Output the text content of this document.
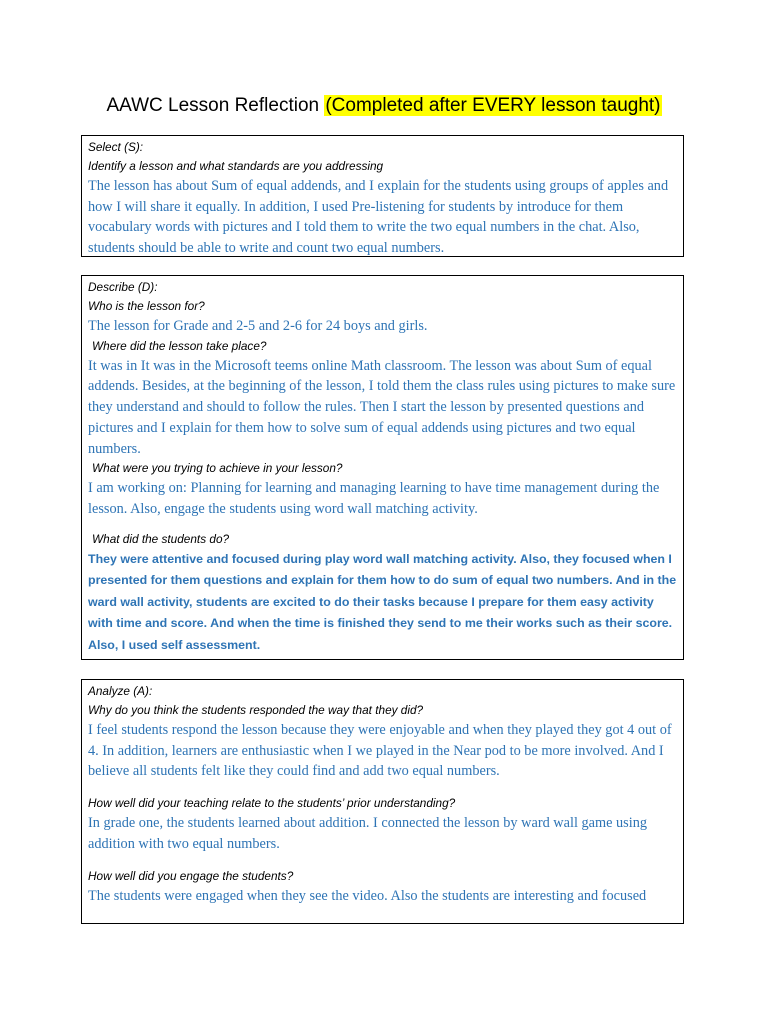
AAWC Lesson Reflection (Completed after EVERY lesson taught)
Select (S):
Identify a lesson and what standards are you addressing
The lesson has about Sum of equal addends, and I explain for the students using groups of apples and how I will share it equally. In addition, I used Pre-listening for students by introduce for them vocabulary words with pictures and I told them to write the two equal numbers in the chat. Also, students should be able to write and count two equal numbers.
Describe (D):
Who is the lesson for?
The lesson for Grade and 2-5 and 2-6 for 24 boys and girls.
Where did the lesson take place?
It was in It was in the Microsoft teems online Math classroom. The lesson was about Sum of equal addends. Besides, at the beginning of the lesson, I told them the class rules using pictures to make sure they understand and should to follow the rules. Then I start the lesson by presented questions and pictures and I explain for them how to solve sum of equal addends using pictures and two equal numbers.
What were you trying to achieve in your lesson?
I am working on: Planning for learning and managing learning to have time management during the lesson. Also, engage the students using word wall matching activity.
What did the students do?
They were attentive and focused during play word wall matching activity. Also, they focused when I presented for them questions and explain for them how to do sum of equal two numbers. And in the ward wall activity, students are excited to do their tasks because I prepare for them easy activity with time and score. And when the time is finished they send to me their works such as their score. Also, I used self assessment.
Analyze (A):
Why do you think the students responded the way that they did?
I feel students respond the lesson because they were enjoyable and when they played they got 4 out of 4. In addition, learners are enthusiastic when I we played in the Near pod to be more involved. And I believe all students felt like they could find and add two equal numbers.
How well did your teaching relate to the students’ prior understanding?
In grade one, the students learned about addition. I connected the lesson by ward wall game using addition with two equal numbers.
How well did you engage the students?
The students were engaged when they see the video. Also the students are interesting and focused
